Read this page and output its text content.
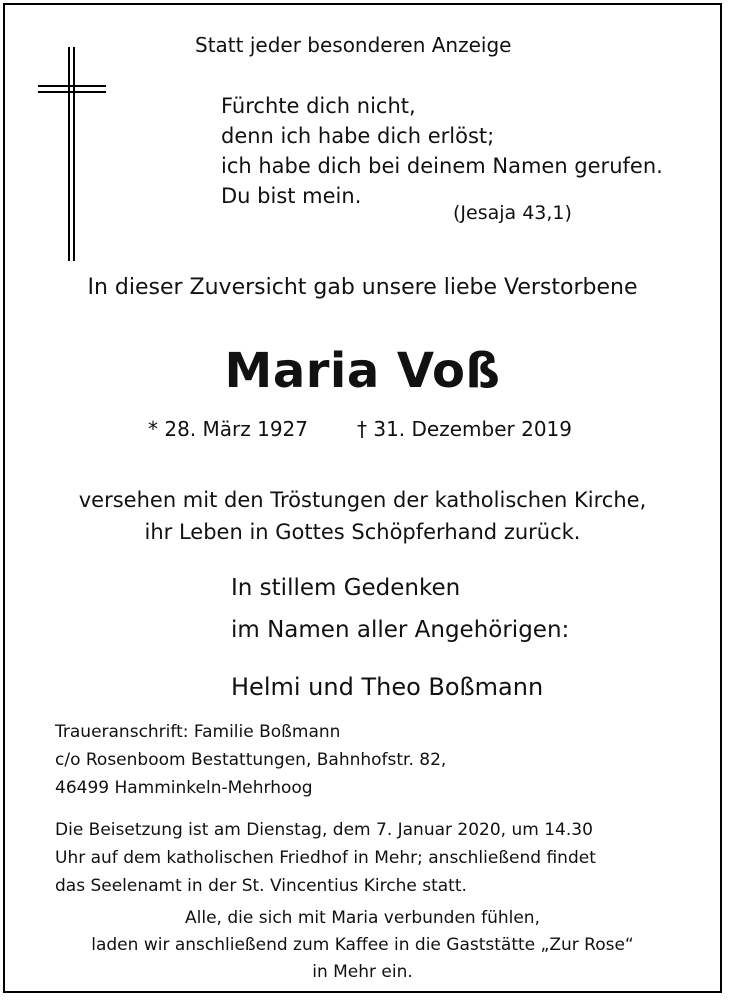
Statt jeder besonderen Anzeige
Fürchte dich nicht,
denn ich habe dich erlöst;
ich habe dich bei deinem Namen gerufen.
Du bist mein.
(Jesaja 43,1)
In dieser Zuversicht gab unsere liebe Verstorbene
Maria Voß
* 28. März 1927 † 31. Dezember 2019
versehen mit den Tröstungen der katholischen Kirche,
ihr Leben in Gottes Schöpferhand zurück.
In stillem Gedenken
im Namen aller Angehörigen:
Helmi und Theo Boßmann
Traueranschrift: Familie Boßmann
c/o Rosenboom Bestattungen, Bahnhofstr. 82,
46499 Hamminkeln-Mehrhoog
Die Beisetzung ist am Dienstag, dem 7. Januar 2020, um 14.30
Uhr auf dem katholischen Friedhof in Mehr; anschließend findet
das Seelenamt in der St. Vincentius Kirche statt.
Alle, die sich mit Maria verbunden fühlen,
laden wir anschließend zum Kaffee in die Gaststätte „Zur Rose“
in Mehr ein.
